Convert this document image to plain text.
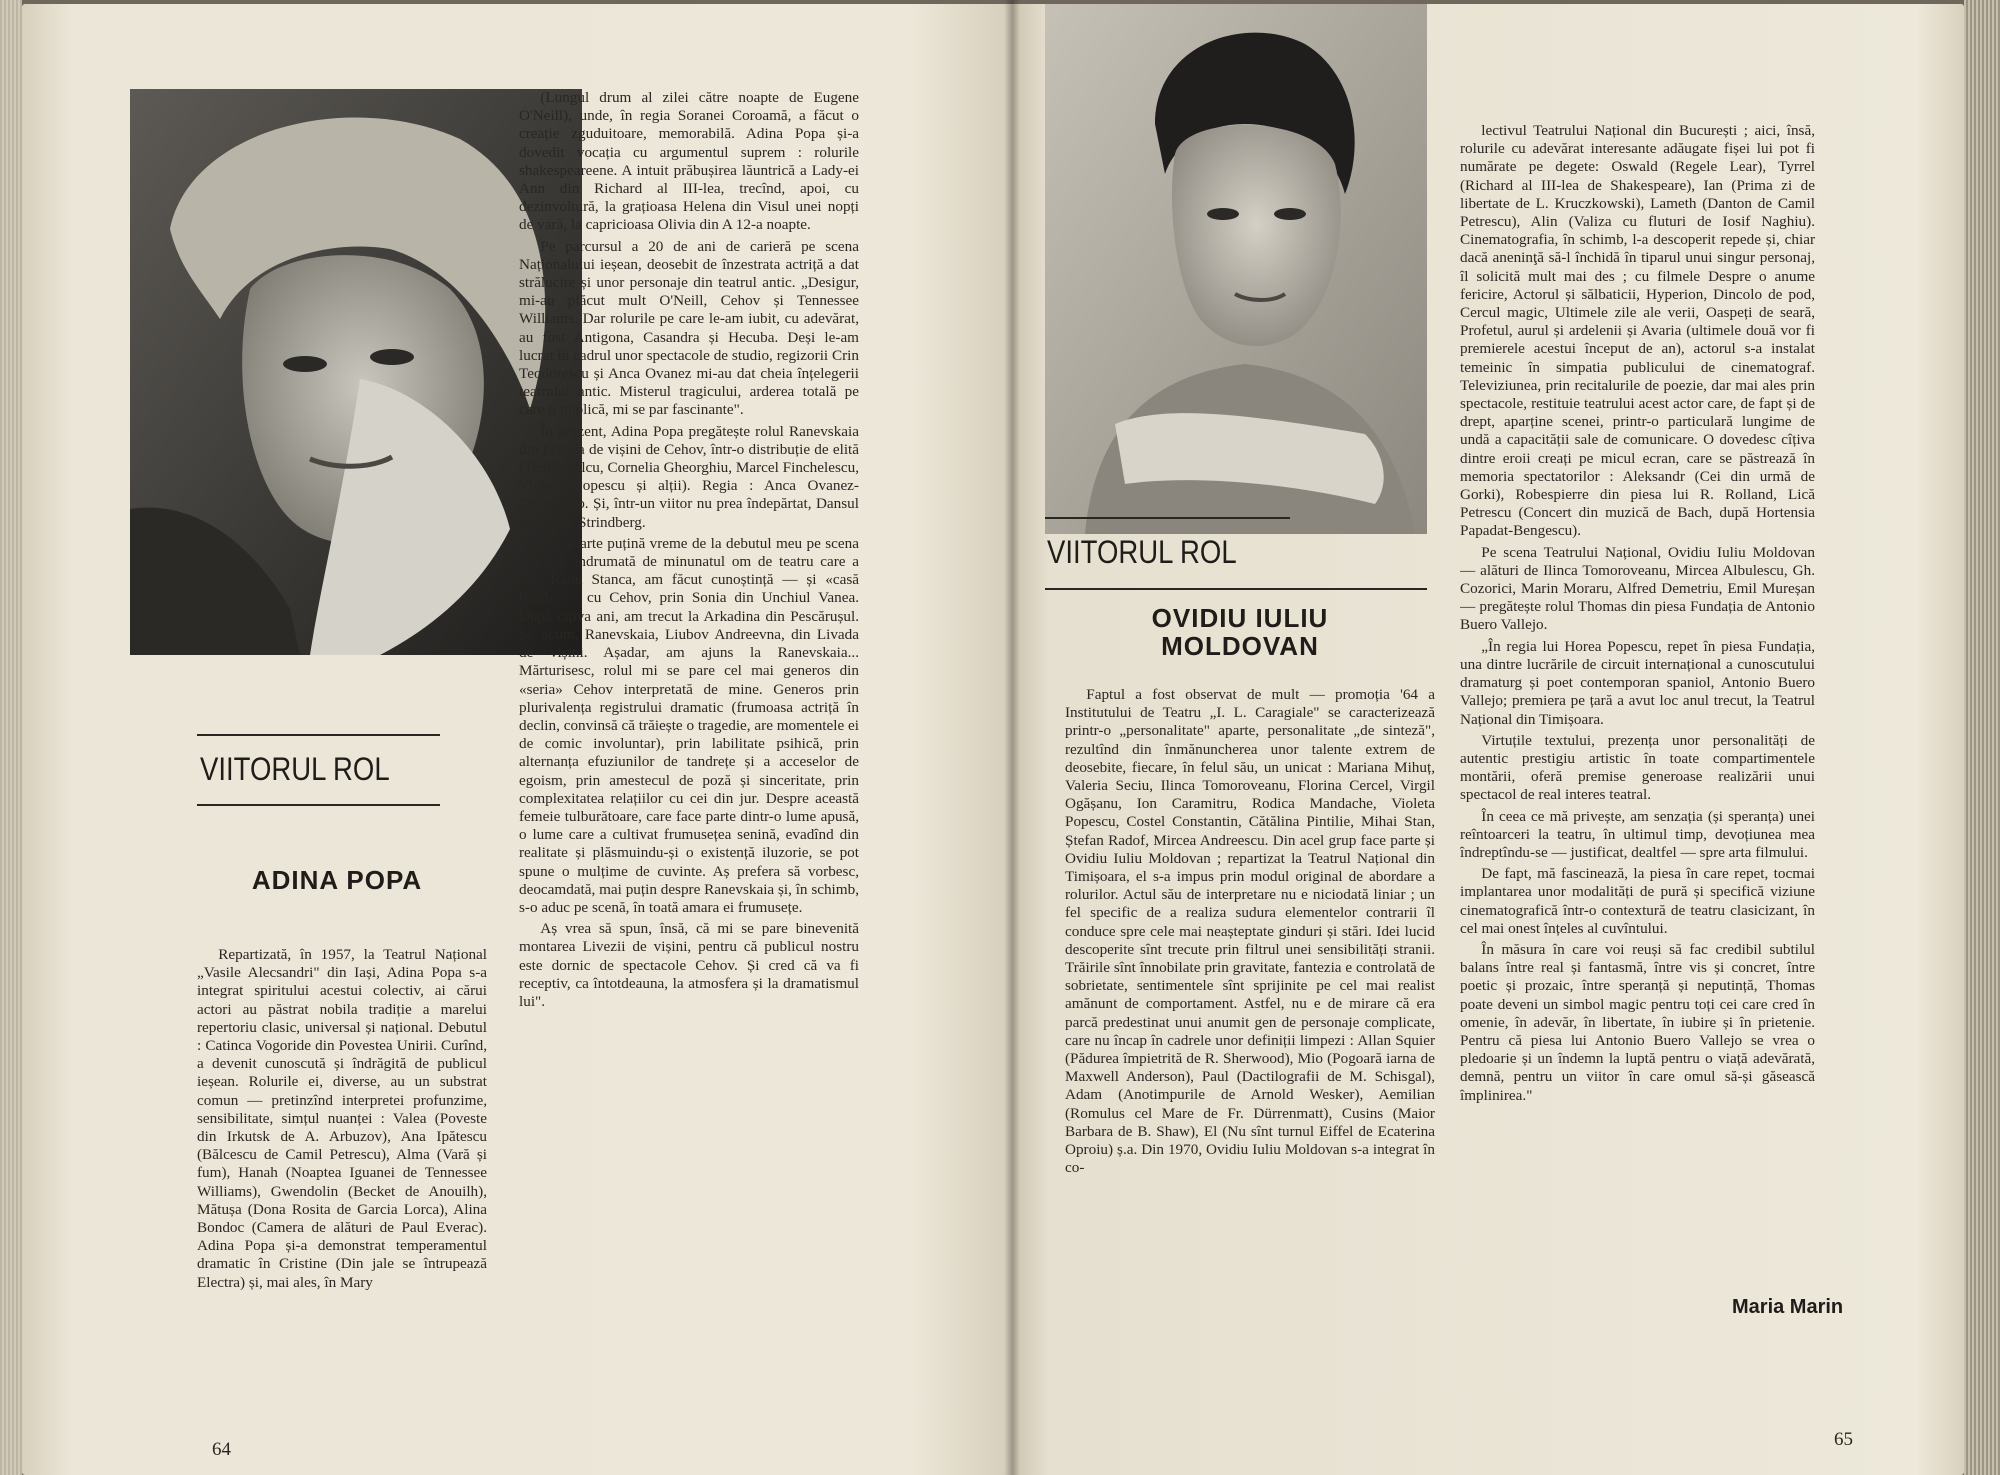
VIITORUL ROL
ADINA POPA

Repartizată, în 1957, la Teatrul Național „Vasile Alecsandri" din Iași, Adina Popa s-a integrat spiritului acestui colectiv, ai cărui actori au păstrat nobila tradiție a marelui repertoriu clasic, universal și național. Debutul : Catinca Vogoride din Povestea Unirii. Curînd, a devenit cunoscută și îndrăgită de publicul ieșean. Rolurile ei, diverse, au un substrat comun — pretinzînd interpretei profunzime, sensibilitate, simțul nuanței : Valea (Poveste din Irkutsk de A. Arbuzov), Ana Ipătescu (Bălcescu de Camil Petrescu), Alma (Vară și fum), Hanah (Noaptea Iguanei de Tennessee Williams), Gwendolin (Becket de Anouilh), Mătușa (Dona Rosita de Garcia Lorca), Alina Bondoc (Camera de alături de Paul Everac). Adina Popa și-a demonstrat temperamentul dramatic în Cristine (Din jale se întrupează Electra) și, mai ales, în Mary

(Lungul drum al zilei către noapte de Eugene O'Neill), unde, în regia Soranei Coroamă, a făcut o creație zguduitoare, memorabilă. Adina Popa și-a dovedit vocația cu argumentul suprem : rolurile shakespeareene. A intuit prăbușirea lăuntrică a Lady-ei Ann din Richard al III-lea, trecînd, apoi, cu dezinvoltură, la grațioasa Helena din Visul unei nopți de vară, la capricioasa Olivia din A 12-a noapte.

Pe parcursul a 20 de ani de carieră pe scena Naționalului ieșean, deosebit de înzestrata actriță a dat strălucire și unor personaje din teatrul antic. „Desigur, mi-au plăcut mult O'Neill, Cehov și Tennessee Williams. Dar rolurile pe care le-am iubit, cu adevărat, au fost Antigona, Casandra și Hecuba. Deși le-am lucrat în cadrul unor spectacole de studio, regizorii Crin Teodorescu și Anca Ovanez mi-au dat cheia înțelegerii teatrului antic. Misterul tragicului, arderea totală pe care o implică, mi se par fascinante".

În prezent, Adina Popa pregătește rolul Ranevskaia din Livada de vișini de Cehov, într-o distribuție de elită (Teofil Vâlcu, Cornelia Gheorghiu, Marcel Finchelescu, Violeta Popescu și alții). Regia : Anca Ovanez-Doroșenco. Și, într-un viitor nu prea îndepărtat, Dansul morții de Strindberg.

„La foarte puțină vreme de la debutul meu pe scena ieșeană, îndrumată de minunatul om de teatru care a fost Radu Stanca, am făcut cunoștință — și «casă bună» — cu Cehov, prin Sonia din Unchiul Vanea. După cîțiva ani, am trecut la Arkadina din Pescărușul. Și, acum, Ranevskaia, Liubov Andreevna, din Livada de vișini. Așadar, am ajuns la Ranevskaia... Mărturisesc, rolul mi se pare cel mai generos din «seria» Cehov interpretată de mine. Generos prin plurivalența registrului dramatic (frumoasa actriță în declin, convinsă că trăiește o tragedie, are momentele ei de comic involuntar), prin labilitate psihică, prin alternanța efuziunilor de tandrețe și a acceselor de egoism, prin amestecul de poză și sinceritate, prin complexitatea relațiilor cu cei din jur. Despre această femeie tulburătoare, care face parte dintr-o lume apusă, o lume care a cultivat frumusețea senină, evadînd din realitate și plăsmuindu-și o existență iluzorie, se pot spune o mulțime de cuvinte. Aș prefera să vorbesc, deocamdată, mai puțin despre Ranevskaia și, în schimb, s-o aduc pe scenă, în toată amara ei frumusețe.

Aș vrea să spun, însă, că mi se pare binevenită montarea Livezii de vișini, pentru că publicul nostru este dornic de spectacole Cehov. Și cred că va fi receptiv, ca întotdeauna, la atmosfera și la dramatismul lui".

64
VIITORUL ROL
OVIDIU IULIU
MOLDOVAN

Faptul a fost observat de mult — promoția '64 a Institutului de Teatru „I. L. Caragiale" se caracterizează printr-o „personalitate" aparte, personalitate „de sinteză", rezultînd din înmănuncherea unor talente extrem de deosebite, fiecare, în felul său, un unicat : Mariana Mihuț, Valeria Seciu, Ilinca Tomoroveanu, Florina Cercel, Virgil Ogășanu, Ion Caramitru, Rodica Mandache, Violeta Popescu, Costel Constantin, Cătălina Pintilie, Mihai Stan, Ștefan Radof, Mircea Andreescu. Din acel grup face parte și Ovidiu Iuliu Moldovan ; repartizat la Teatrul Național din Timișoara, el s-a impus prin modul original de abordare a rolurilor. Actul său de interpretare nu e niciodată liniar ; un fel specific de a realiza sudura elementelor contrarii îl conduce spre cele mai neașteptate ginduri și stări. Idei lucid descoperite sînt trecute prin filtrul unei sensibilități stranii. Trăirile sînt înnobilate prin gravitate, fantezia e controlată de sobrietate, sentimentele sînt sprijinite pe cel mai realist amănunt de comportament. Astfel, nu e de mirare că era parcă predestinat unui anumit gen de personaje complicate, care nu încap în cadrele unor definiții limpezi : Allan Squier (Pădurea împietrită de R. Sherwood), Mio (Pogoară iarna de Maxwell Anderson), Paul (Dactilografii de M. Schisgal), Adam (Anotimpurile de Arnold Wesker), Aemilian (Romulus cel Mare de Fr. Dürrenmatt), Cusins (Maior Barbara de B. Shaw), El (Nu sînt turnul Eiffel de Ecaterina Oproiu) ș.a. Din 1970, Ovidiu Iuliu Moldovan s-a integrat în co-

lectivul Teatrului Național din București ; aici, însă, rolurile cu adevărat interesante adăugate fișei lui pot fi numărate pe degete: Oswald (Regele Lear), Tyrrel (Richard al III-lea de Shakespeare), Ian (Prima zi de libertate de L. Kruczkowski), Lameth (Danton de Camil Petrescu), Alin (Valiza cu fluturi de Iosif Naghiu). Cinematografia, în schimb, l-a descoperit repede și, chiar dacă aneninţă să-l închidă în tiparul unui singur personaj, îl solicită mult mai des ; cu filmele Despre o anume fericire, Actorul și sălbaticii, Hyperion, Dincolo de pod, Cercul magic, Ultimele zile ale verii, Oaspeți de seară, Profetul, aurul și ardelenii și Avaria (ultimele două vor fi premierele acestui început de an), actorul s-a instalat temeinic în simpatia publicului de cinematograf. Televiziunea, prin recitalurile de poezie, dar mai ales prin spectacole, restituie teatrului acest actor care, de fapt și de drept, aparține scenei, printr-o particulară lungime de undă a capacității sale de comunicare. O dovedesc cîțiva dintre eroii creați pe micul ecran, care se păstrează în memoria spectatorilor : Aleksandr (Cei din urmă de Gorki), Robespierre din piesa lui R. Rolland, Lică Petrescu (Concert din muzică de Bach, după Hortensia Papadat-Bengescu).

Pe scena Teatrului Național, Ovidiu Iuliu Moldovan — alături de Ilinca Tomoroveanu, Mircea Albulescu, Gh. Cozorici, Marin Moraru, Alfred Demetriu, Emil Mureșan — pregătește rolul Thomas din piesa Fundația de Antonio Buero Vallejo.

„În regia lui Horea Popescu, repet în piesa Fundația, una dintre lucrările de circuit internațional a cunoscutului dramaturg și poet contemporan spaniol, Antonio Buero Vallejo; premiera pe țară a avut loc anul trecut, la Teatrul Național din Timișoara.

Virtuțile textului, prezența unor personalități de autentic prestigiu artistic în toate compartimentele montării, oferă premise generoase realizării unui spectacol de real interes teatral.

În ceea ce mă privește, am senzația (și speranța) unei reîntoarceri la teatru, în ultimul timp, devoțiunea mea îndreptîndu-se — justificat, dealtfel — spre arta filmului.

De fapt, mă fascinează, la piesa în care repet, tocmai implantarea unor modalități de pură și specifică viziune cinematografică într-o contextură de teatru clasicizant, în cel mai onest înțeles al cuvîntului.

În măsura în care voi reuși să fac credibil subtilul balans între real și fantasmă, între vis și concret, între poetic și prozaic, între speranță și neputință, Thomas poate deveni un simbol magic pentru toți cei care cred în omenie, în adevăr, în libertate, în iubire și în prietenie. Pentru că piesa lui Antonio Buero Vallejo se vrea o pledoarie și un îndemn la luptă pentru o viață adevărată, demnă, pentru un viitor în care omul să-și găsească împlinirea."

Maria Marin
65
